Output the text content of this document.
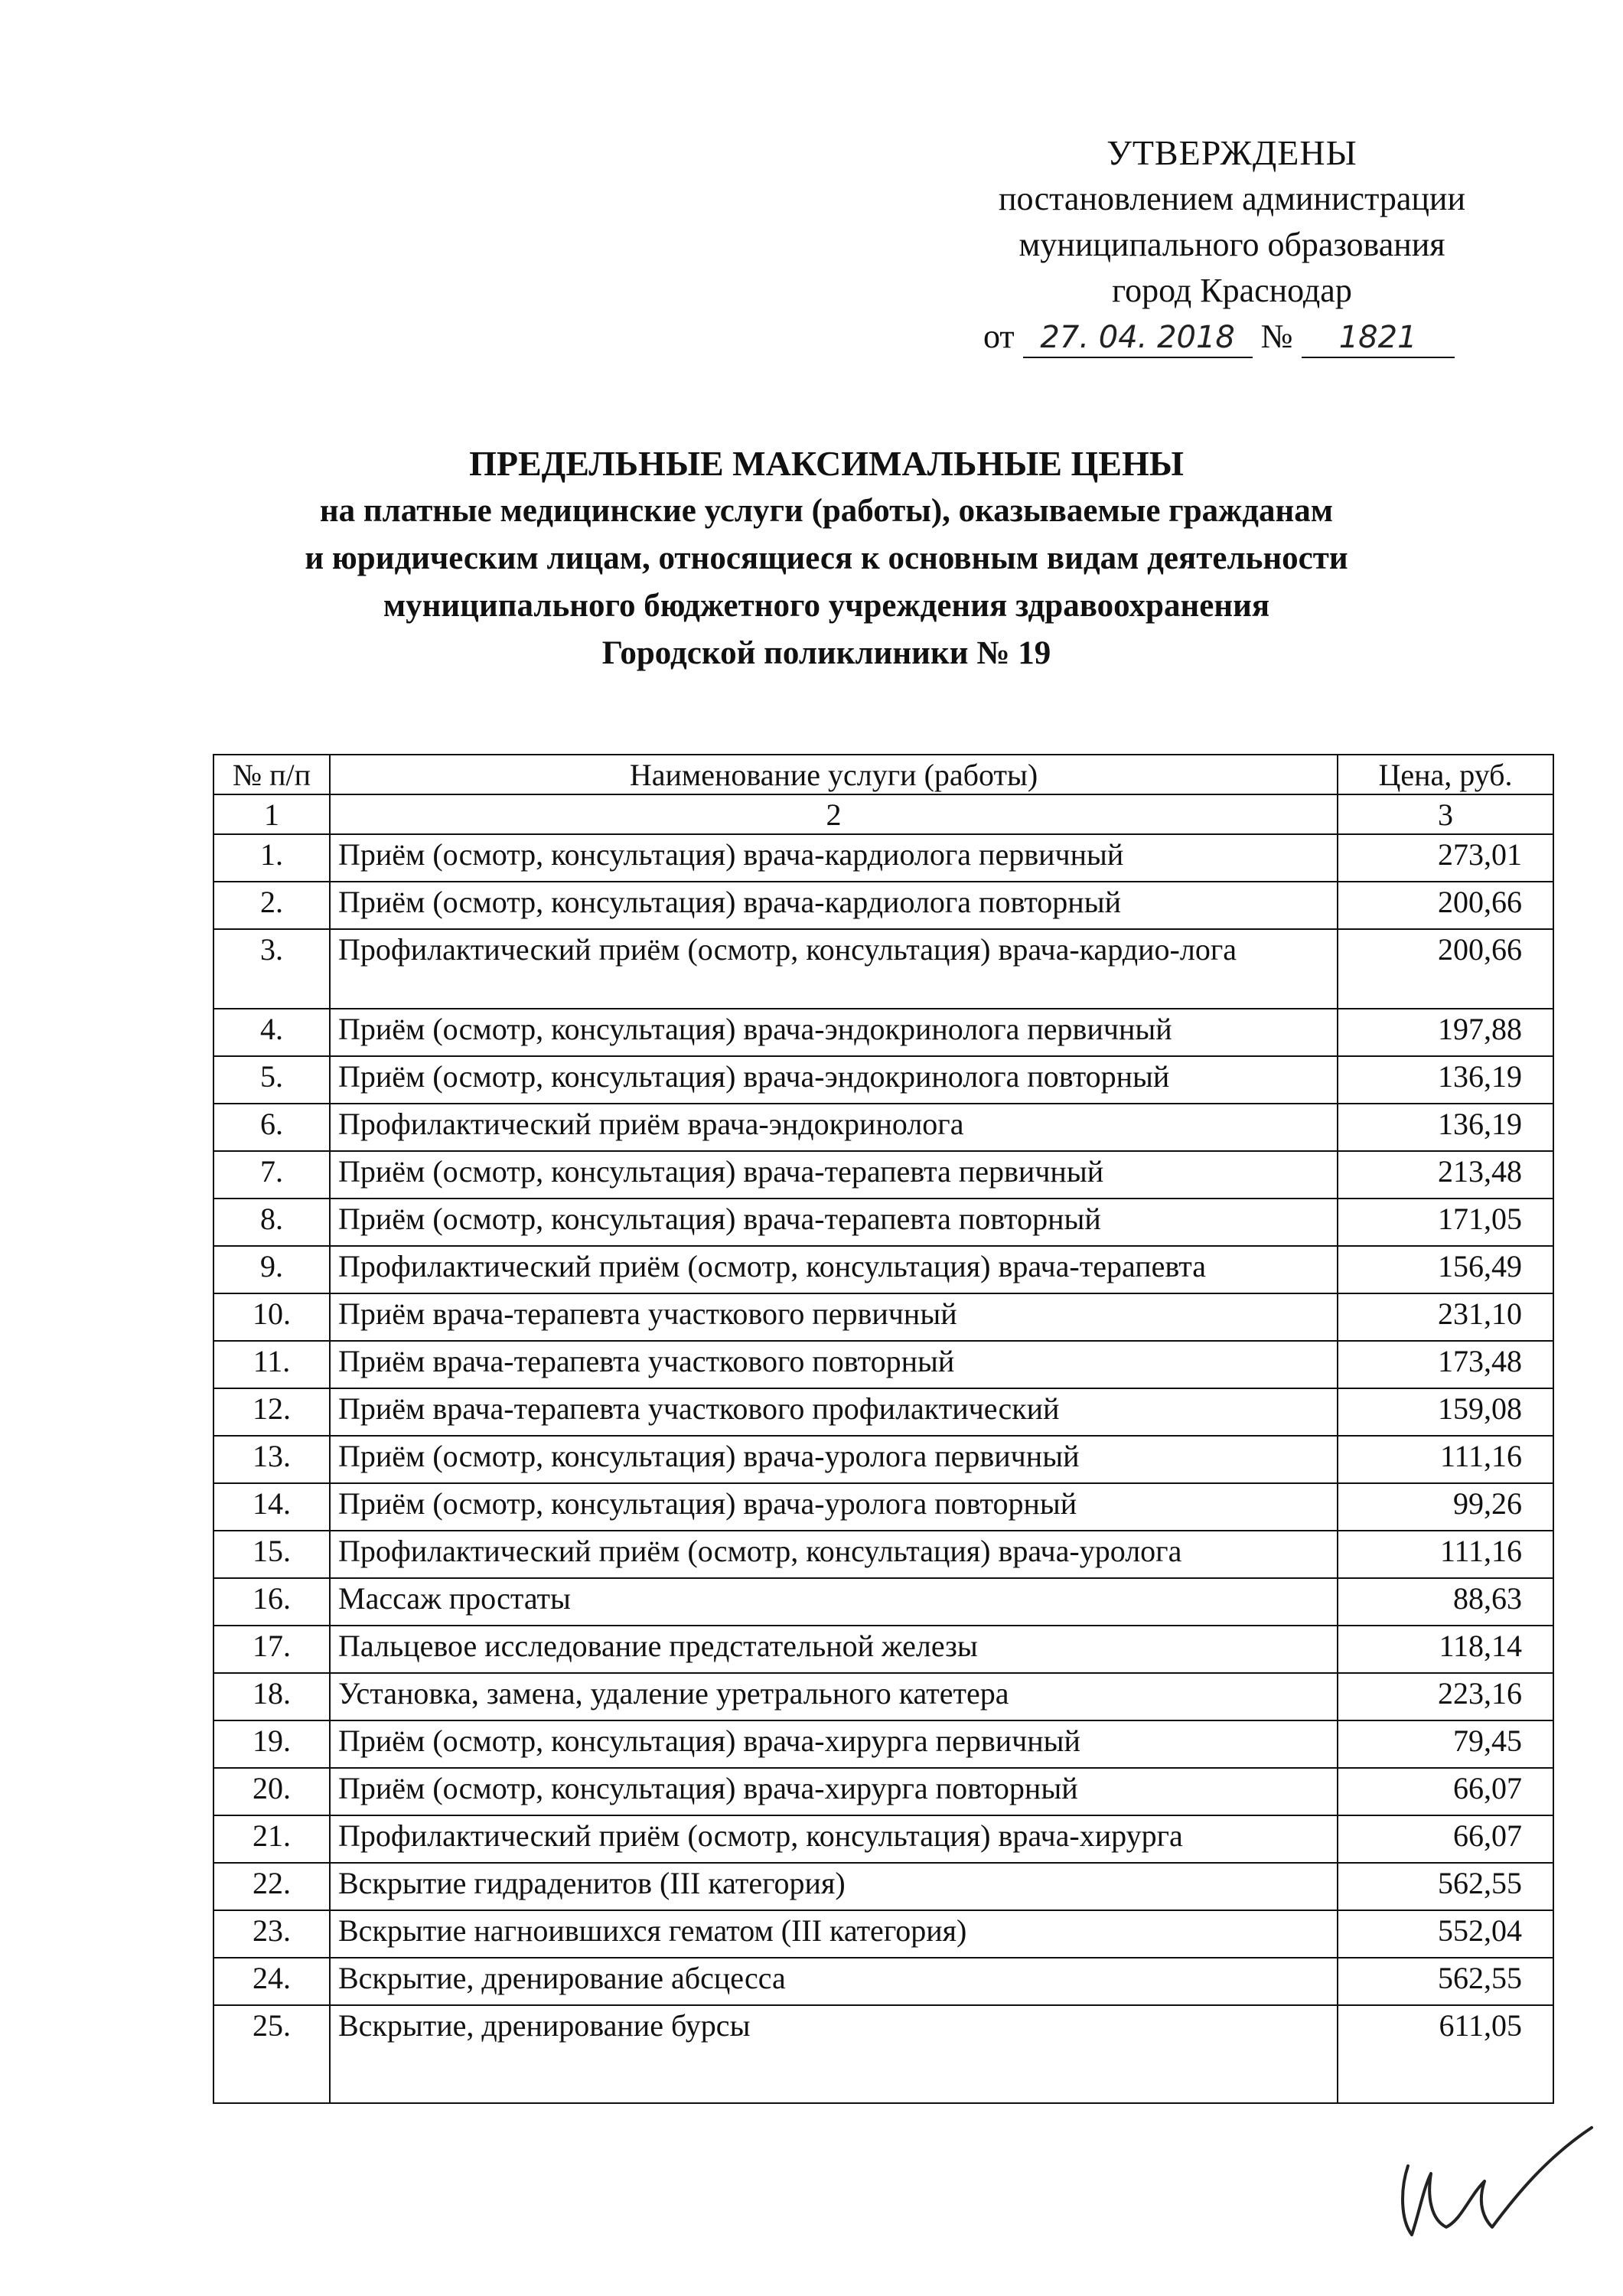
УТВЕРЖДЕНЫ
постановлением администрации
муниципального образования
город Краснодар
от 27. 04. 2018 № 1821
ПРЕДЕЛЬНЫЕ МАКСИМАЛЬНЫЕ ЦЕНЫ
на платные медицинские услуги (работы), оказываемые гражданам
и юридическим лицам, относящиеся к основным видам деятельности
муниципального бюджетного учреждения здравоохранения
Городской поликлиники № 19
№ п/п	Наименование услуги (работы)	Цена, руб.
1	2	3
1.	Приём (осмотр, консультация) врача-кардиолога первичный	273,01
2.	Приём (осмотр, консультация) врача-кардиолога повторный	200,66
3.	Профилактический приём (осмотр, консультация) врача-кардио-лога	200,66
4.	Приём (осмотр, консультация) врача-эндокринолога первичный	197,88
5.	Приём (осмотр, консультация) врача-эндокринолога повторный	136,19
6.	Профилактический приём врача-эндокринолога	136,19
7.	Приём (осмотр, консультация) врача-терапевта первичный	213,48
8.	Приём (осмотр, консультация) врача-терапевта повторный	171,05
9.	Профилактический приём (осмотр, консультация) врача-терапевта	156,49
10.	Приём врача-терапевта участкового первичный	231,10
11.	Приём врача-терапевта участкового повторный	173,48
12.	Приём врача-терапевта участкового профилактический	159,08
13.	Приём (осмотр, консультация) врача-уролога первичный	111,16
14.	Приём (осмотр, консультация) врача-уролога повторный	99,26
15.	Профилактический приём (осмотр, консультация) врача-уролога	111,16
16.	Массаж простаты	88,63
17.	Пальцевое исследование предстательной железы	118,14
18.	Установка, замена, удаление уретрального катетера	223,16
19.	Приём (осмотр, консультация) врача-хирурга первичный	79,45
20.	Приём (осмотр, консультация) врача-хирурга повторный	66,07
21.	Профилактический приём (осмотр, консультация) врача-хирурга	66,07
22.	Вскрытие гидраденитов (III категория)	562,55
23.	Вскрытие нагноившихся гематом (III категория)	552,04
24.	Вскрытие, дренирование абсцесса	562,55
25.	Вскрытие, дренирование бурсы	611,05
